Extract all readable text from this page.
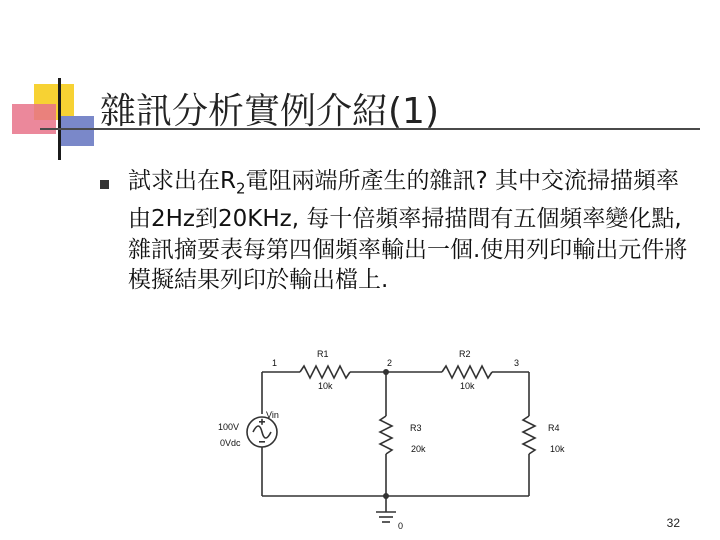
雜訊分析實例介紹(1)
試求出在$R_2$電阻兩端所產生的雜訊? 其中交流掃描頻率由2Hz到20KHz, 每十倍頻率掃描間有五個頻率變化點,雜訊摘要表每第四個頻率輸出一個.使用列印輸出元件將模擬結果列印於輸出檔上.
R1
10k
R2
10k
R3
20k
R4
10k
Vin
100V
0Vdc
1	2	3
0	32
